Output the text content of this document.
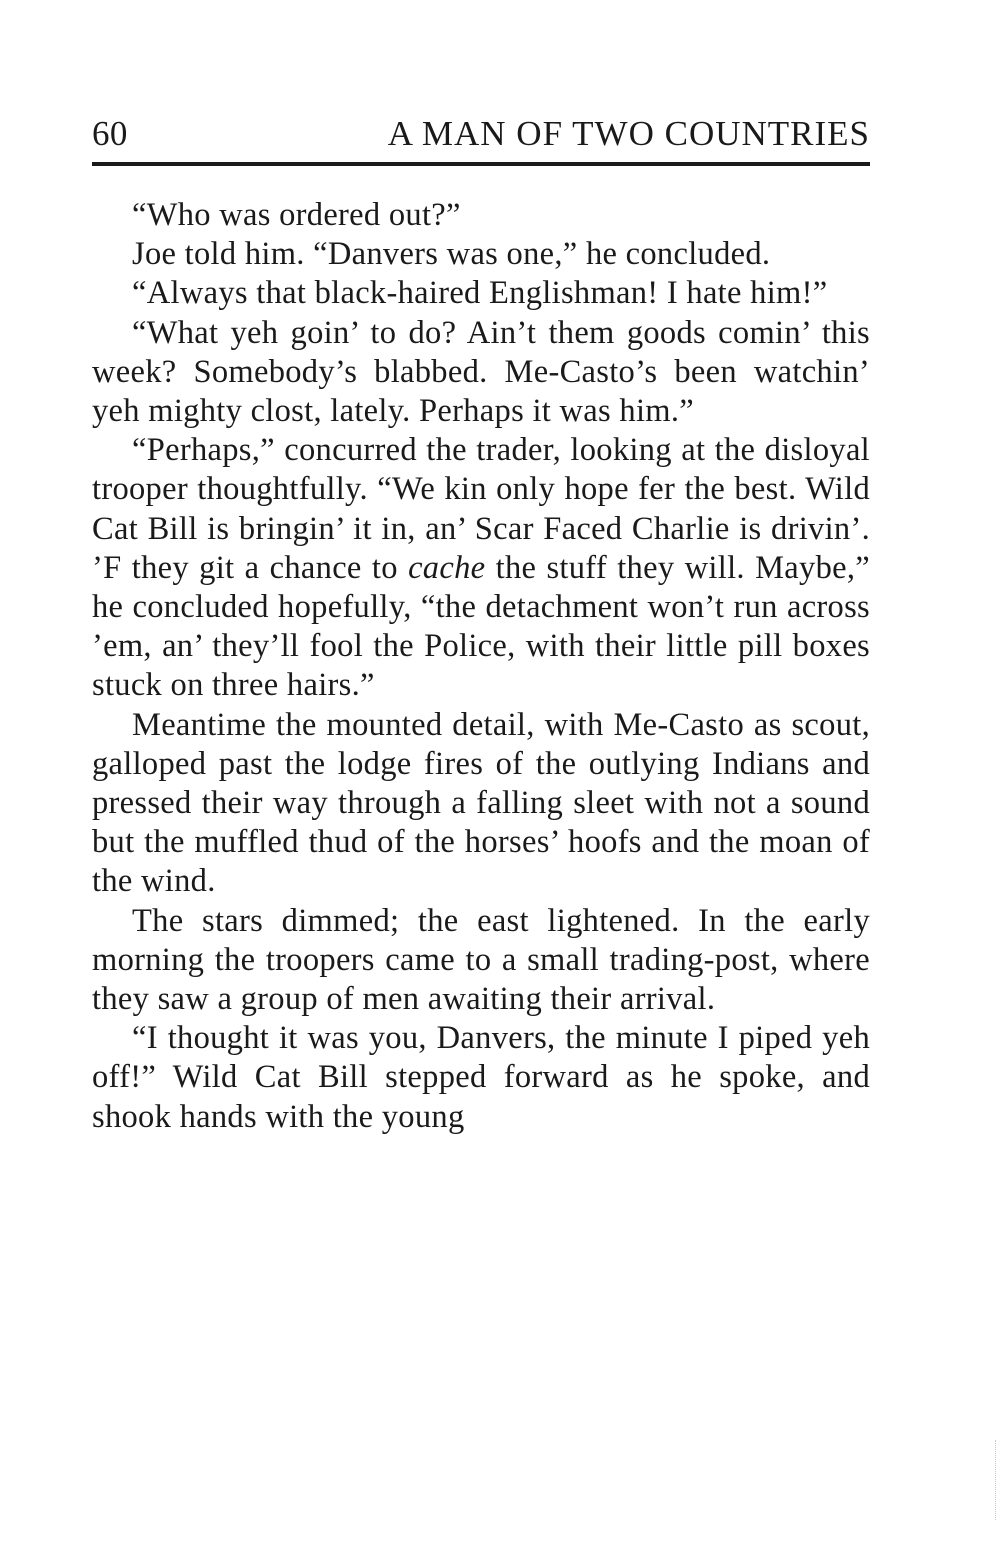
60	A MAN OF TWO COUNTRIES

“Who was ordered out?”

Joe told him. “Danvers was one,” he concluded.

“Always that black-haired Englishman! I hate him!”

“What yeh goin’ to do? Ain’t them goods comin’ this week? Somebody’s blabbed. Me-Casto’s been watchin’ yeh mighty clost, lately. Perhaps it was him.”

“Perhaps,” concurred the trader, looking at the disloyal trooper thoughtfully. “We kin only hope fer the best. Wild Cat Bill is bringin’ it in, an’ Scar Faced Charlie is drivin’. ’F they git a chance to cache the stuff they will. Maybe,” he concluded hopefully, “the detachment won’t run across ’em, an’ they’ll fool the Police, with their little pill boxes stuck on three hairs.”

Meantime the mounted detail, with Me-Casto as scout, galloped past the lodge fires of the outlying Indians and pressed their way through a falling sleet with not a sound but the muffled thud of the horses’ hoofs and the moan of the wind.

The stars dimmed; the east lightened. In the early morning the troopers came to a small trading-post, where they saw a group of men awaiting their arrival.

“I thought it was you, Danvers, the minute I piped yeh off!” Wild Cat Bill stepped forward as he spoke, and shook hands with the young
